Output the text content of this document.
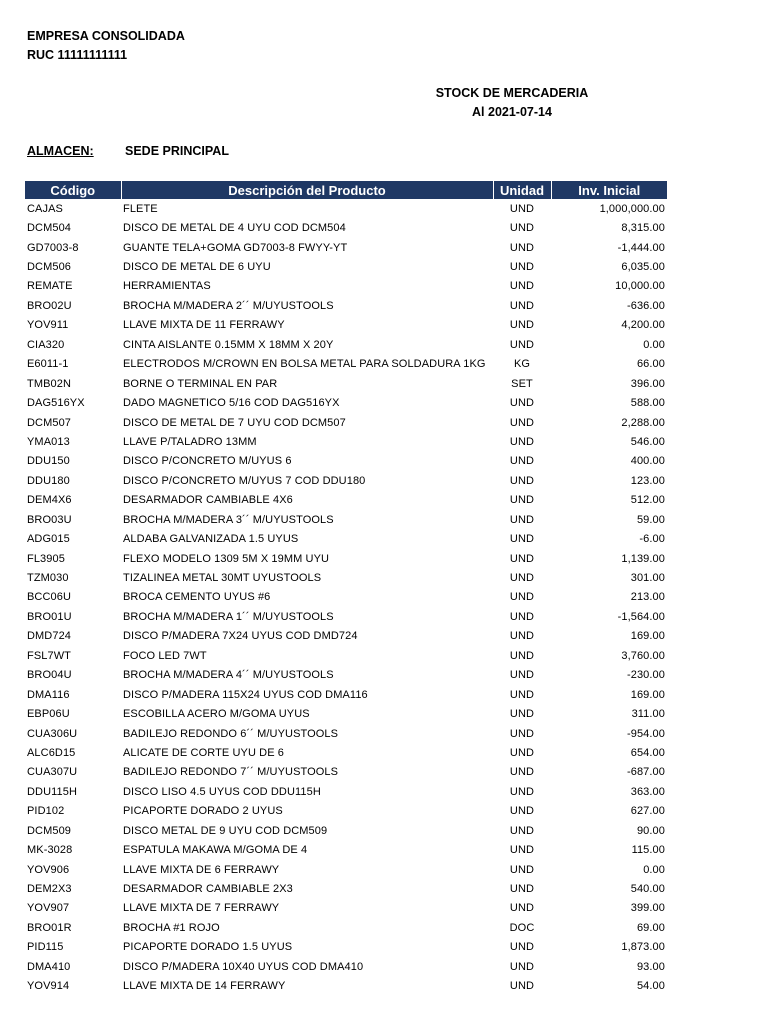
EMPRESA CONSOLIDADA
RUC 11111111111
STOCK DE MERCADERIA
Al 2021-07-14
ALMACEN:	SEDE PRINCIPAL
Código	Descripción del Producto	Unidad	Inv. Inicial
CAJAS	FLETE	UND	1,000,000.00
DCM504	DISCO DE METAL DE 4 UYU COD DCM504	UND	8,315.00
GD7003-8	GUANTE TELA+GOMA GD7003-8 FWYY-YT	UND	-1,444.00
DCM506	DISCO DE METAL DE 6 UYU	UND	6,035.00
REMATE	HERRAMIENTAS	UND	10,000.00
BRO02U	BROCHA M/MADERA 2´´ M/UYUSTOOLS	UND	-636.00
YOV911	LLAVE MIXTA DE 11 FERRAWY	UND	4,200.00
CIA320	CINTA AISLANTE 0.15MM X 18MM X 20Y	UND	0.00
E6011-1	ELECTRODOS M/CROWN EN BOLSA METAL PARA SOLDADURA 1KG	KG	66.00
TMB02N	BORNE O TERMINAL EN PAR	SET	396.00
DAG516YX	DADO MAGNETICO 5/16 COD DAG516YX	UND	588.00
DCM507	DISCO DE METAL DE 7 UYU COD DCM507	UND	2,288.00
YMA013	LLAVE P/TALADRO 13MM	UND	546.00
DDU150	DISCO P/CONCRETO M/UYUS 6	UND	400.00
DDU180	DISCO P/CONCRETO M/UYUS 7 COD DDU180	UND	123.00
DEM4X6	DESARMADOR CAMBIABLE 4X6	UND	512.00
BRO03U	BROCHA M/MADERA 3´´ M/UYUSTOOLS	UND	59.00
ADG015	ALDABA GALVANIZADA 1.5 UYUS	UND	-6.00
FL3905	FLEXO MODELO 1309 5M X 19MM UYU	UND	1,139.00
TZM030	TIZALINEA METAL 30MT UYUSTOOLS	UND	301.00
BCC06U	BROCA CEMENTO UYUS #6	UND	213.00
BRO01U	BROCHA M/MADERA 1´´ M/UYUSTOOLS	UND	-1,564.00
DMD724	DISCO P/MADERA 7X24 UYUS COD DMD724	UND	169.00
FSL7WT	FOCO LED 7WT	UND	3,760.00
BRO04U	BROCHA M/MADERA 4´´ M/UYUSTOOLS	UND	-230.00
DMA116	DISCO P/MADERA 115X24 UYUS COD DMA116	UND	169.00
EBP06U	ESCOBILLA ACERO M/GOMA UYUS	UND	311.00
CUA306U	BADILEJO REDONDO 6´´ M/UYUSTOOLS	UND	-954.00
ALC6D15	ALICATE DE CORTE UYU DE 6	UND	654.00
CUA307U	BADILEJO REDONDO 7´´ M/UYUSTOOLS	UND	-687.00
DDU115H	DISCO LISO 4.5 UYUS COD DDU115H	UND	363.00
PID102	PICAPORTE DORADO 2 UYUS	UND	627.00
DCM509	DISCO METAL DE 9 UYU COD DCM509	UND	90.00
MK-3028	ESPATULA MAKAWA M/GOMA DE 4	UND	115.00
YOV906	LLAVE MIXTA DE 6 FERRAWY	UND	0.00
DEM2X3	DESARMADOR CAMBIABLE 2X3	UND	540.00
YOV907	LLAVE MIXTA DE 7 FERRAWY	UND	399.00
BRO01R	BROCHA #1 ROJO	DOC	69.00
PID115	PICAPORTE DORADO 1.5 UYUS	UND	1,873.00
DMA410	DISCO P/MADERA 10X40 UYUS COD DMA410	UND	93.00
YOV914	LLAVE MIXTA DE 14 FERRAWY	UND	54.00
